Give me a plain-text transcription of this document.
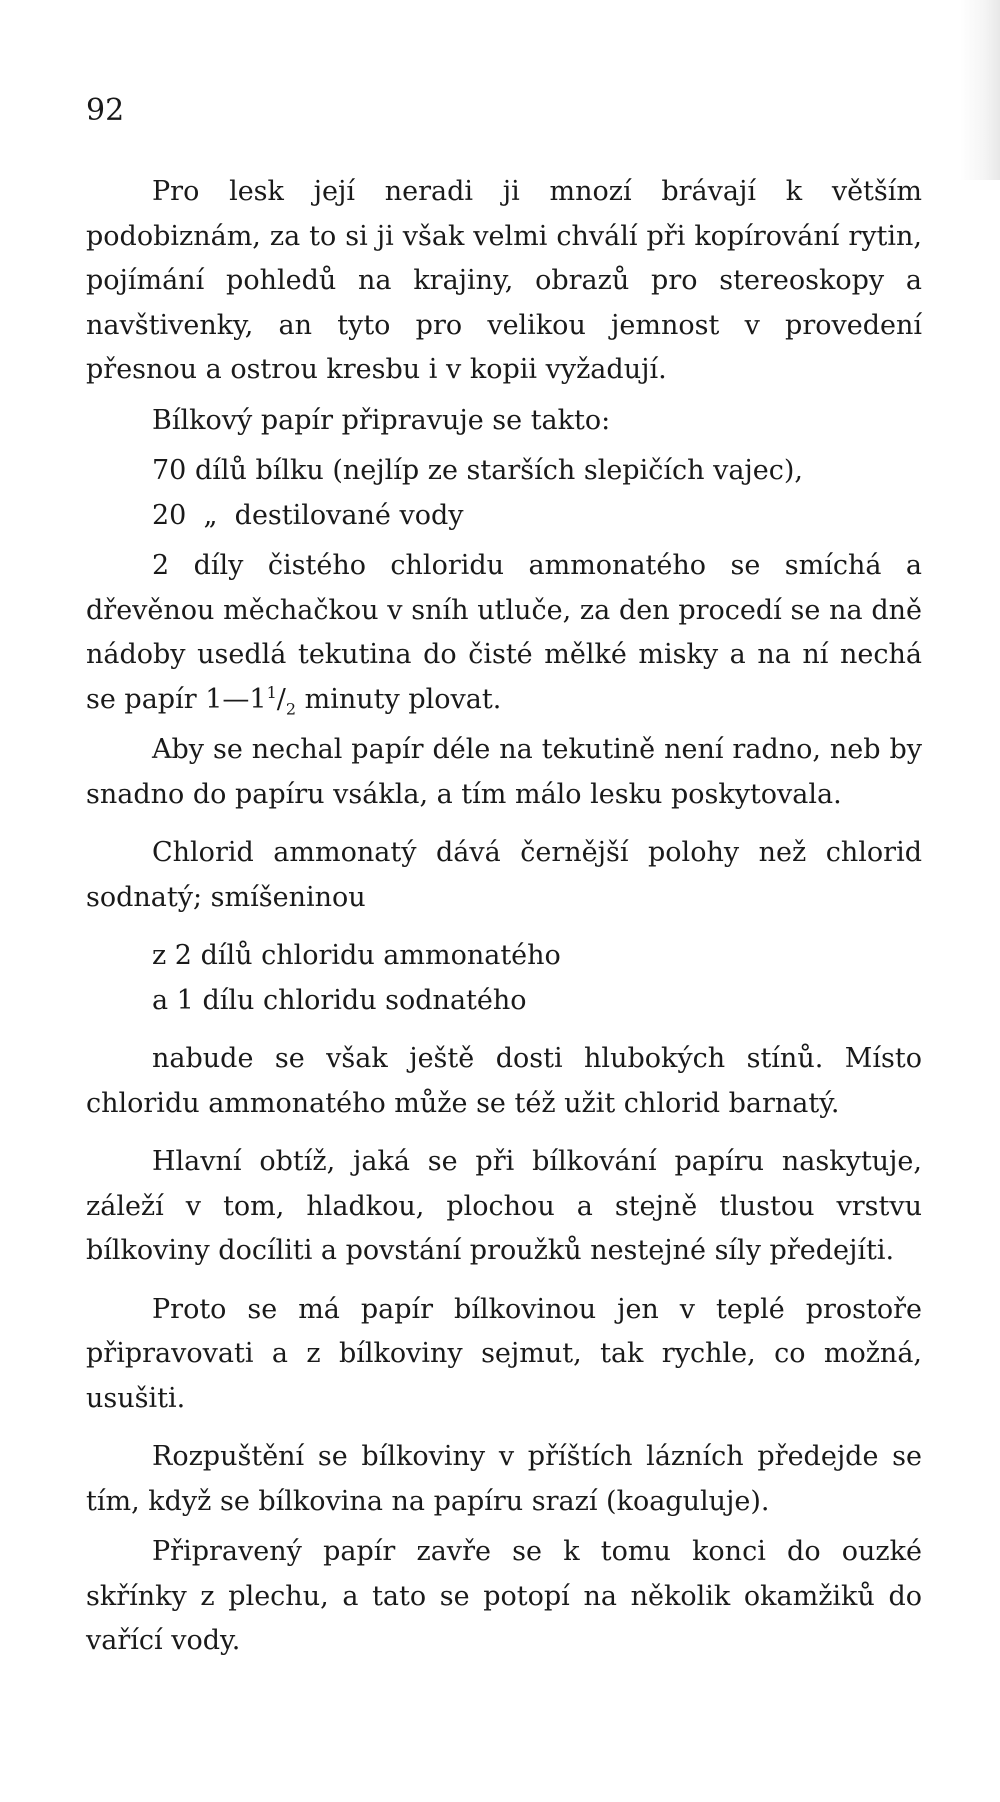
92

Pro lesk její neradi ji mnozí brávají k větším podobiznám, za to si ji však velmi chválí při kopírování rytin, pojímání pohledů na krajiny, obrazů pro stereoskopy a navštivenky, an tyto pro velikou jemnost v provedení přesnou a ostrou kresbu i v kopii vyžadují.

Bílkový papír připravuje se takto:

70 dílů bílku (nejlíp ze starších slepičích vajec),

20  „  destilované vody

2 díly čistého chloridu ammonatého se smíchá a dřevěnou měchačkou v sníh utluče, za den procedí se na dně nádoby usedlá tekutina do čisté mělké misky a na ní nechá se papír $1—1^1/_2$ minuty plovat.

Aby se nechal papír déle na tekutině není radno, neb by snadno do papíru vsákla, a tím málo lesku poskytovala.

Chlorid ammonatý dává černější polohy než chlorid sodnatý; smíšeninou

z 2 dílů chloridu ammonatého

a 1 dílu chloridu sodnatého

nabude se však ještě dosti hlubokých stínů. Místo chloridu ammonatého může se též užit chlorid barnatý.

Hlavní obtíž, jaká se při bílkování papíru naskytuje, záleží v tom, hladkou, plochou a stejně tlustou vrstvu bílkoviny docíliti a povstání proužků nestejné síly předejíti.

Proto se má papír bílkovinou jen v teplé prostoře připravovati a z bílkoviny sejmut, tak rychle, co možná, usušiti.

Rozpuštění se bílkoviny v příštích lázních předejde se tím, když se bílkovina na papíru srazí (koaguluje).

Připravený papír zavře se k tomu konci do ouzké skřínky z plechu, a tato se potopí na několik okamžiků do vařící vody.
